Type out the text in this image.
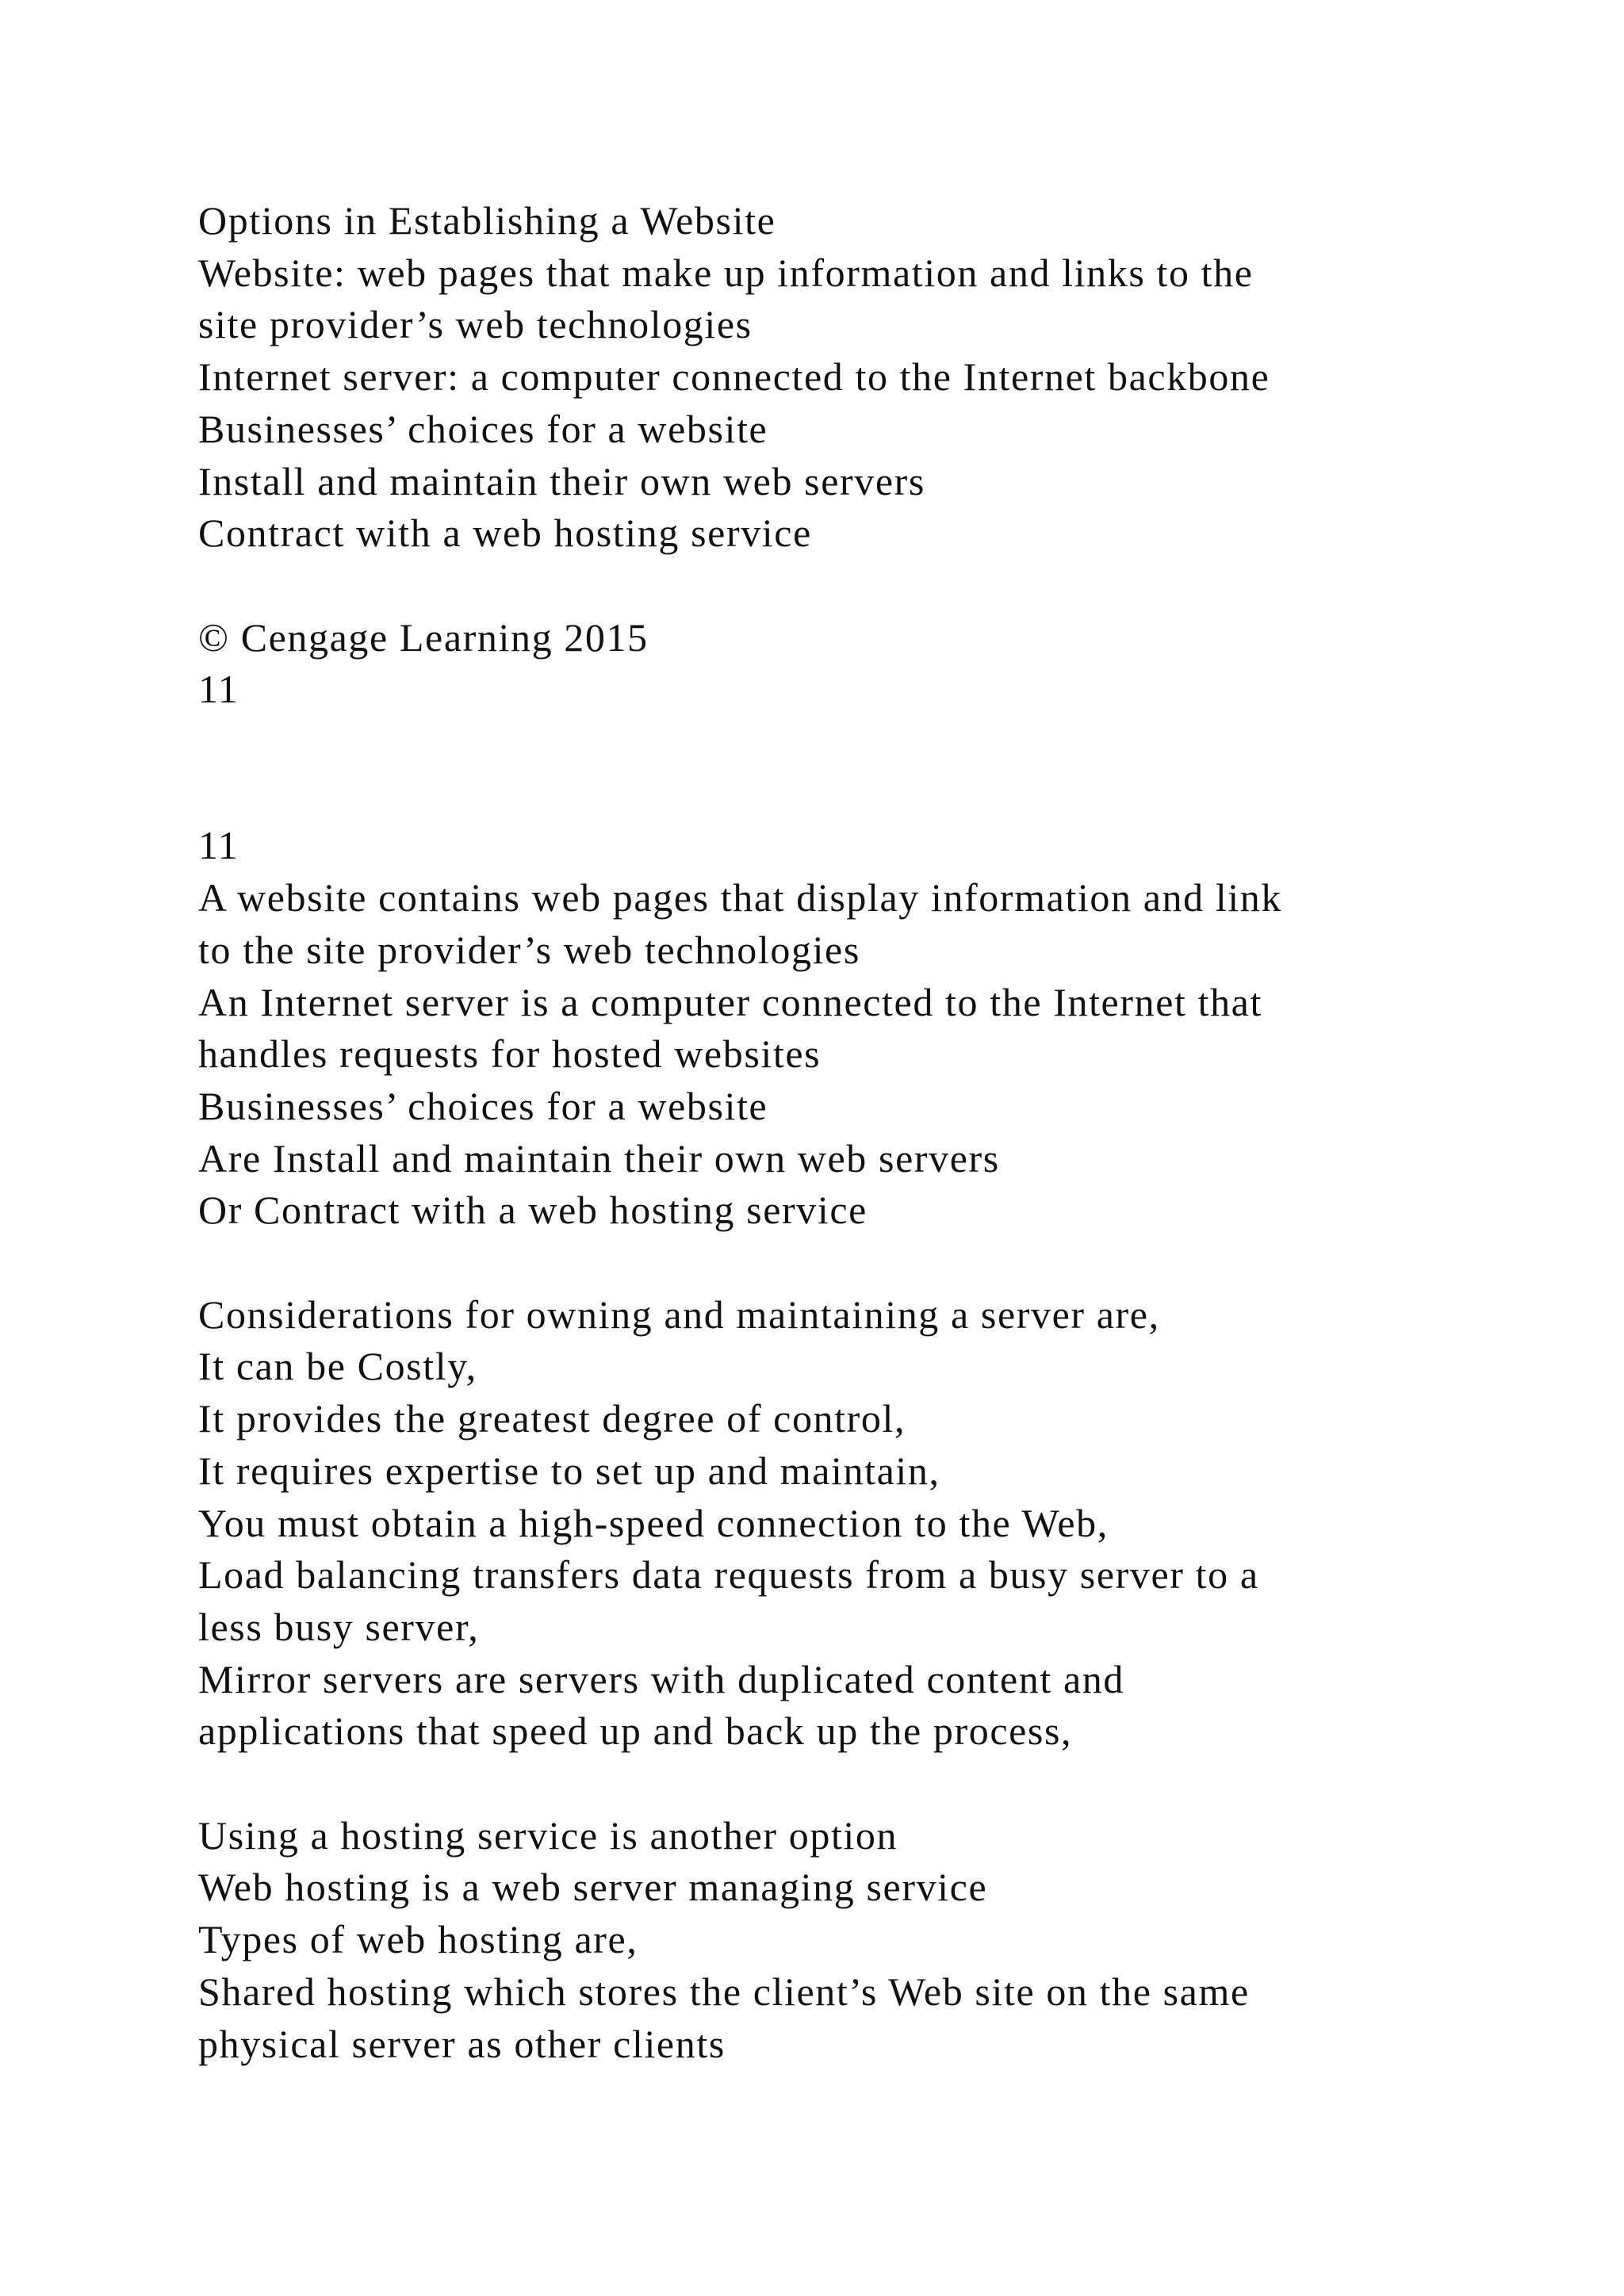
Options in Establishing a Website
Website: web pages that make up information and links to the
site provider’s web technologies
Internet server: a computer connected to the Internet backbone
Businesses’ choices for a website
Install and maintain their own web servers
Contract with a web hosting service
© Cengage Learning 2015
11
11
A website contains web pages that display information and link
to the site provider’s web technologies
An Internet server is a computer connected to the Internet that
handles requests for hosted websites
Businesses’ choices for a website
Are Install and maintain their own web servers
Or Contract with a web hosting service
Considerations for owning and maintaining a server are,
It can be Costly,
It provides the greatest degree of control,
It requires expertise to set up and maintain,
You must obtain a high-speed connection to the Web,
Load balancing transfers data requests from a busy server to a
less busy server,
Mirror servers are servers with duplicated content and
applications that speed up and back up the process,
Using a hosting service is another option
Web hosting is a web server managing service
Types of web hosting are,
Shared hosting which stores the client’s Web site on the same
physical server as other clients
